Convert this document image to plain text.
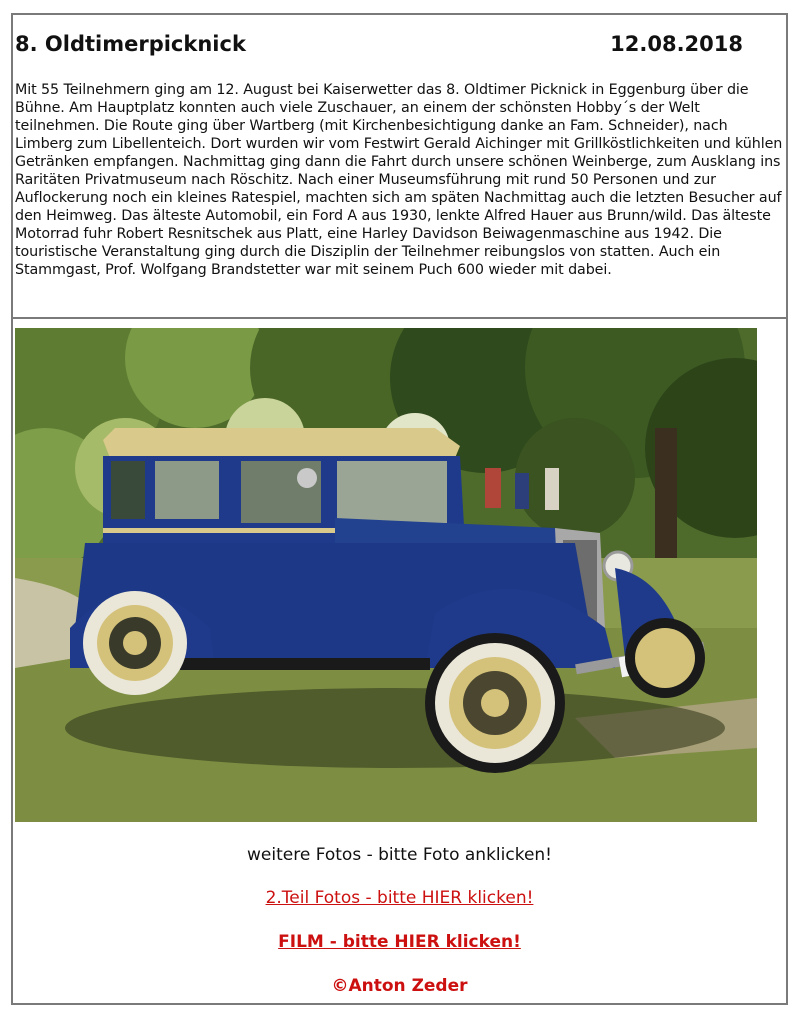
8. Oldtimerpicknick	12.08.2018

Mit 55 Teilnehmern ging am 12. August bei Kaiserwetter das 8. Oldtimer Picknick in Eggenburg über die Bühne. Am Hauptplatz konnten auch viele Zuschauer, an einem der schönsten Hobby´s der Welt teilnehmen. Die Route ging über Wartberg (mit Kirchenbesichtigung danke an Fam. Schneider), nach Limberg zum Libellenteich. Dort wurden wir vom Festwirt Gerald Aichinger mit Grillköstlichkeiten und kühlen Getränken empfangen. Nachmittag ging dann die Fahrt durch unsere schönen Weinberge, zum Ausklang ins Raritäten Privatmuseum nach Röschitz. Nach einer Museumsführung mit rund 50 Personen und zur Auflockerung noch ein kleines Ratespiel, machten sich am späten Nachmittag auch die letzten Besucher auf den Heimweg. Das älteste Automobil, ein Ford A aus 1930, lenkte Alfred Hauer aus Brunn/wild. Das älteste Motorrad fuhr Robert Resnitschek aus Platt, eine Harley Davidson Beiwagenmaschine aus 1942. Die touristische Veranstaltung ging durch die Disziplin der Teilnehmer reibungslos von statten. Auch ein Stammgast, Prof. Wolfgang Brandstetter war mit seinem Puch 600 wieder mit dabei.

weitere Fotos - bitte Foto anklicken!
2.Teil Fotos - bitte HIER klicken!
FILM - bitte HIER klicken!
©Anton Zeder
